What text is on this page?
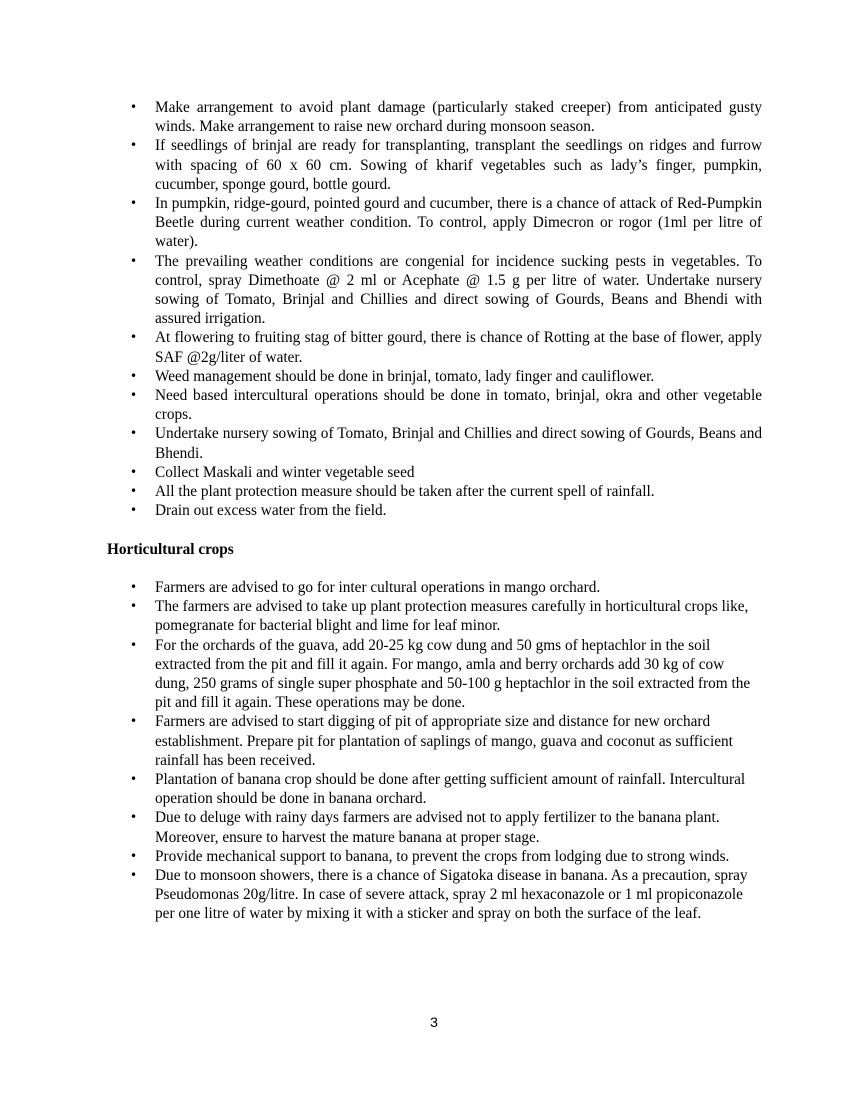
• Make arrangement to avoid plant damage (particularly staked creeper) from anticipated gusty winds. Make arrangement to raise new orchard during monsoon season.
• If seedlings of brinjal are ready for transplanting, transplant the seedlings on ridges and furrow with spacing of 60 x 60 cm. Sowing of kharif vegetables such as lady’s finger, pumpkin, cucumber, sponge gourd, bottle gourd.
• In pumpkin, ridge-gourd, pointed gourd and cucumber, there is a chance of attack of Red-Pumpkin Beetle during current weather condition. To control, apply Dimecron or rogor (1ml per litre of water).
• The prevailing weather conditions are congenial for incidence sucking pests in vegetables. To control, spray Dimethoate @ 2 ml or Acephate @ 1.5 g per litre of water. Undertake nursery sowing of Tomato, Brinjal and Chillies and direct sowing of Gourds, Beans and Bhendi with assured irrigation.
• At flowering to fruiting stag of bitter gourd, there is chance of Rotting at the base of flower, apply SAF @2g/liter of water.
• Weed management should be done in brinjal, tomato, lady finger and cauliflower.
• Need based intercultural operations should be done in tomato, brinjal, okra and other vegetable crops.
• Undertake nursery sowing of Tomato, Brinjal and Chillies and direct sowing of Gourds, Beans and Bhendi.
• Collect Maskali and winter vegetable seed
• All the plant protection measure should be taken after the current spell of rainfall.
• Drain out excess water from the field.

Horticultural crops

• Farmers are advised to go for inter cultural operations in mango orchard.
• The farmers are advised to take up plant protection measures carefully in horticultural crops like, pomegranate for bacterial blight and lime for leaf minor.
• For the orchards of the guava, add 20-25 kg cow dung and 50 gms of heptachlor in the soil extracted from the pit and fill it again. For mango, amla and berry orchards add 30 kg of cow dung, 250 grams of single super phosphate and 50-100 g heptachlor in the soil extracted from the pit and fill it again. These operations may be done.
• Farmers are advised to start digging of pit of appropriate size and distance for new orchard establishment. Prepare pit for plantation of saplings of mango, guava and coconut as sufficient rainfall has been received.
• Plantation of banana crop should be done after getting sufficient amount of rainfall. Intercultural operation should be done in banana orchard.
• Due to deluge with rainy days farmers are advised not to apply fertilizer to the banana plant. Moreover, ensure to harvest the mature banana at proper stage.
• Provide mechanical support to banana, to prevent the crops from lodging due to strong winds.
• Due to monsoon showers, there is a chance of Sigatoka disease in banana. As a precaution, spray Pseudomonas 20g/litre. In case of severe attack, spray 2 ml hexaconazole or 1 ml propiconazole per one litre of water by mixing it with a sticker and spray on both the surface of the leaf.
3
